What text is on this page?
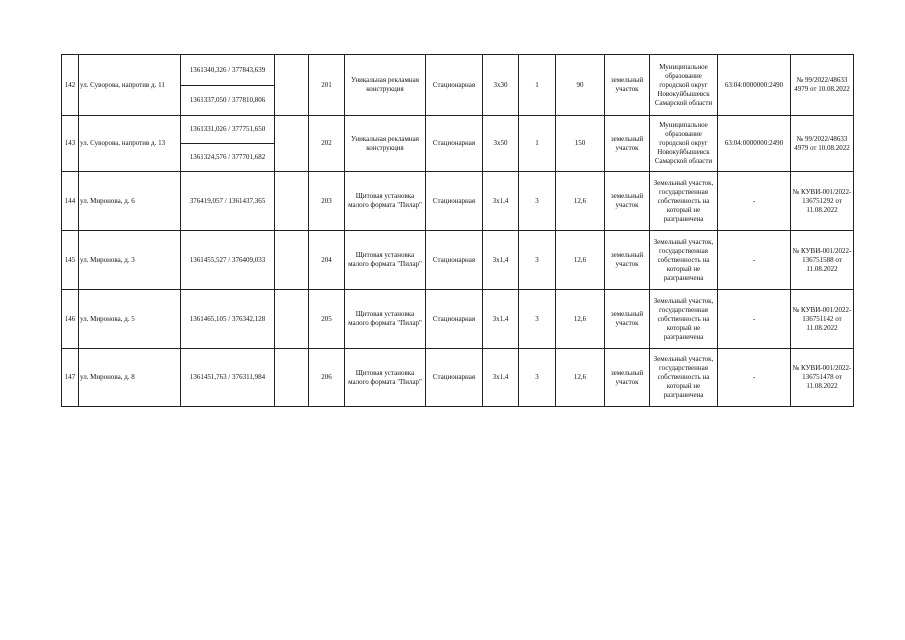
142	ул. Суворова, напротив д. 11	1361340,326 / 377843,639		201	Уникальная рекламная конструкция	Стационарная	3х30	1	90	земельный участок	Муниципальное образование городской округ Новокуйбышевск Самарской области	63:04:0000000:2490	№ 99/2022/48633 4979 от 10.08.2022
		1361337,050 / 377810,806											
143	ул. Суворова, напротив д. 13	1361331,026 / 377751,650		202	Уникальная рекламная конструкция	Стационарная	3х50	1	150	земельный участок	Муниципальное образование городской округ Новокуйбышевск Самарской области	63:04:0000000:2490	№ 99/2022/48633 4979 от 10.08.2022
		1361324,576 / 377701,682											
144	ул. Миронова, д. 6	376419,057 / 1361437,365		203	Щитовая установка малого формата "Пилар"	Стационарная	3х1,4	3	12,6	земельный участок	Земельный участок, государственная собственность на который не разграничена	-	№ КУВИ-001/2022-136751292 от 11.08.2022
145	ул. Миронова, д. 3	1361455,527 / 376409,033		204	Щитовая установка малого формата "Пилар"	Стационарная	3х1,4	3	12,6	земельный участок	Земельный участок, государственная собственность на который не разграничена	-	№ КУВИ-001/2022-136751588 от 11.08.2022
146	ул. Миронова, д. 5	1361465,105 / 376342,128		205	Щитовая установка малого формата "Пилар"	Стационарная	3х1,4	3	12,6	земельный участок	Земельный участок, государственная собственность на который не разграничена	-	№ КУВИ-001/2022-136751142 от 11.08.2022
147	ул. Миронова, д. 8	1361451,763 / 376311,984		206	Щитовая установка малого формата "Пилар"	Стационарная	3х1,4	3	12,6	земельный участок	Земельный участок, государственная собственность на который не разграничена	-	№ КУВИ-001/2022-136751478 от 11.08.2022
